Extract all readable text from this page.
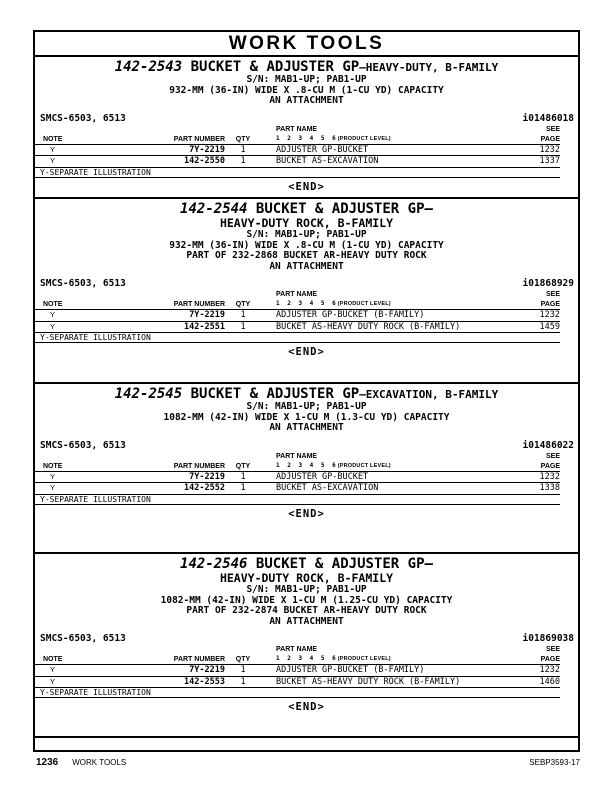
WORK TOOLS
142-2543 BUCKET & ADJUSTER GP–HEAVY-DUTY, B-FAMILY
S/N: MAB1-UP; PAB1-UP
932-MM (36-IN) WIDE X .8-CU M (1-CU YD) CAPACITY
AN ATTACHMENT
SMCS-6503, 6513	i01486018
PART NAME	SEE
NOTE	PART NUMBER	QTY	1 2 3 4 5 6 (PRODUCT LEVEL)	PAGE
Y	7Y-2219	1	ADJUSTER GP-BUCKET	1232
Y	142-2550	1	BUCKET AS-EXCAVATION	1337
Y-SEPARATE ILLUSTRATION
<END>
142-2544 BUCKET & ADJUSTER GP–
HEAVY-DUTY ROCK, B-FAMILY
S/N: MAB1-UP; PAB1-UP
932-MM (36-IN) WIDE X .8-CU M (1-CU YD) CAPACITY
PART OF 232-2868 BUCKET AR-HEAVY DUTY ROCK
AN ATTACHMENT
SMCS-6503, 6513	i01868929
PART NAME	SEE
NOTE	PART NUMBER	QTY	1 2 3 4 5 6 (PRODUCT LEVEL)	PAGE
Y	7Y-2219	1	ADJUSTER GP-BUCKET (B-FAMILY)	1232
Y	142-2551	1	BUCKET AS-HEAVY DUTY ROCK (B-FAMILY)	1459
Y-SEPARATE ILLUSTRATION
<END>
142-2545 BUCKET & ADJUSTER GP–EXCAVATION, B-FAMILY
S/N: MAB1-UP; PAB1-UP
1082-MM (42-IN) WIDE X 1-CU M (1.3-CU YD) CAPACITY
AN ATTACHMENT
SMCS-6503, 6513	i01486022
PART NAME	SEE
NOTE	PART NUMBER	QTY	1 2 3 4 5 6 (PRODUCT LEVEL)	PAGE
Y	7Y-2219	1	ADJUSTER GP-BUCKET	1232
Y	142-2552	1	BUCKET AS-EXCAVATION	1338
Y-SEPARATE ILLUSTRATION
<END>
142-2546 BUCKET & ADJUSTER GP–
HEAVY-DUTY ROCK, B-FAMILY
S/N: MAB1-UP; PAB1-UP
1082-MM (42-IN) WIDE X 1-CU M (1.25-CU YD) CAPACITY
PART OF 232-2874 BUCKET AR-HEAVY DUTY ROCK
AN ATTACHMENT
SMCS-6503, 6513	i01869038
PART NAME	SEE
NOTE	PART NUMBER	QTY	1 2 3 4 5 6 (PRODUCT LEVEL)	PAGE
Y	7Y-2219	1	ADJUSTER GP-BUCKET (B-FAMILY)	1232
Y	142-2553	1	BUCKET AS-HEAVY DUTY ROCK (B-FAMILY)	1460
Y-SEPARATE ILLUSTRATION
<END>
1236 WORK TOOLS	SEBP3593-17
